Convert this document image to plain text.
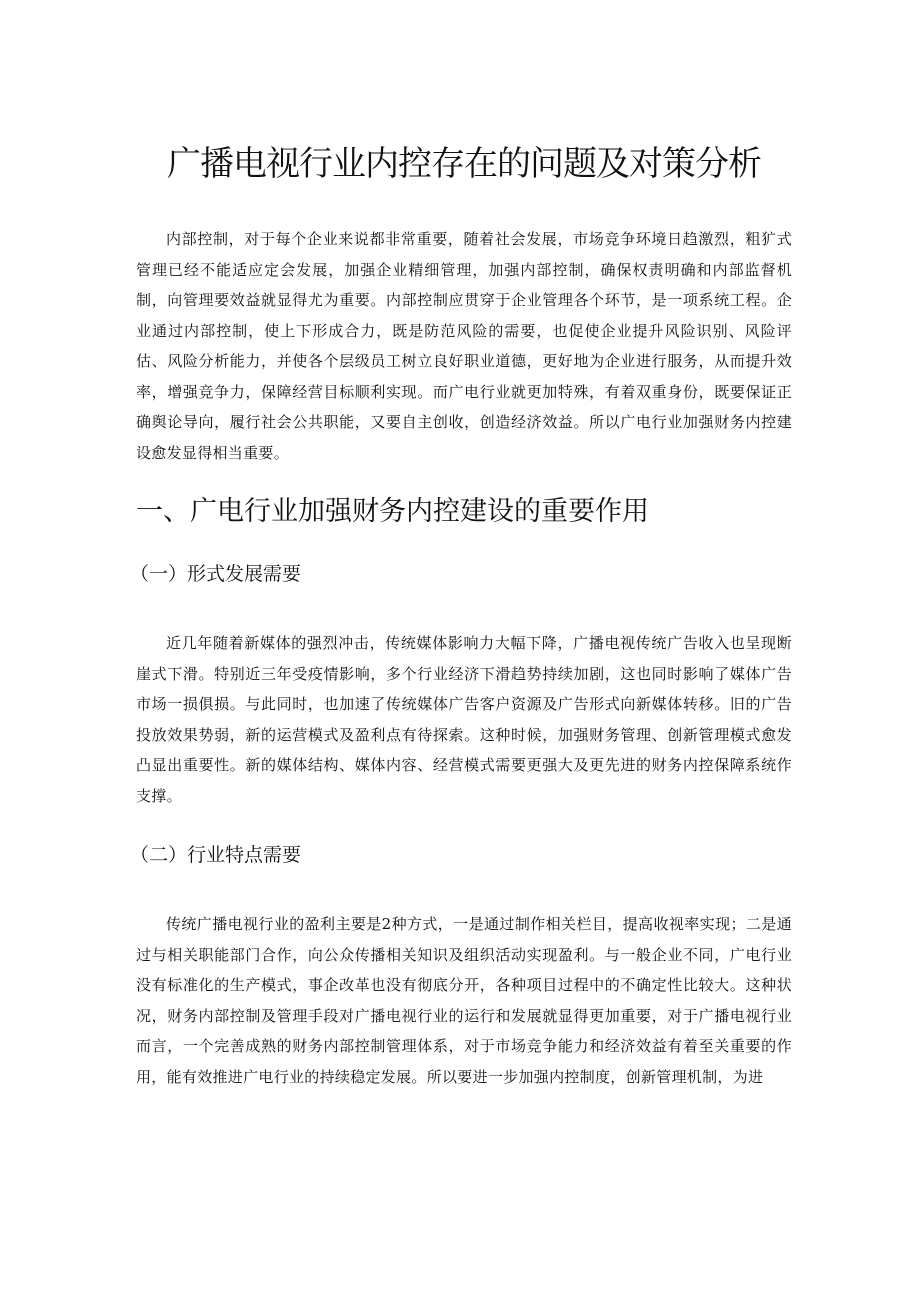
广播电视行业内控存在的问题及对策分析

内部控制，对于每个企业来说都非常重要，随着社会发展，市场竞争环境日趋激烈，粗犷式管理已经不能适应定会发展，加强企业精细管理，加强内部控制，确保权责明确和内部监督机制，向管理要效益就显得尤为重要。内部控制应贯穿于企业管理各个环节，是一项系统工程。企业通过内部控制，使上下形成合力，既是防范风险的需要，也促使企业提升风险识别、风险评估、风险分析能力，并使各个层级员工树立良好职业道德，更好地为企业进行服务，从而提升效率，增强竞争力，保障经营目标顺利实现。而广电行业就更加特殊，有着双重身份，既要保证正确舆论导向，履行社会公共职能，又要自主创收，创造经济效益。所以广电行业加强财务内控建设愈发显得相当重要。

一、广电行业加强财务内控建设的重要作用
（一）形式发展需要

近几年随着新媒体的强烈冲击，传统媒体影响力大幅下降，广播电视传统广告收入也呈现断崖式下滑。特别近三年受疫情影响，多个行业经济下滑趋势持续加剧，这也同时影响了媒体广告市场一损俱损。与此同时，也加速了传统媒体广告客户资源及广告形式向新媒体转移。旧的广告投放效果势弱，新的运营模式及盈利点有待探索。这种时候，加强财务管理、创新管理模式愈发凸显出重要性。新的媒体结构、媒体内容、经营模式需要更强大及更先进的财务内控保障系统作支撑。

（二）行业特点需要

传统广播电视行业的盈利主要是2种方式，一是通过制作相关栏目，提高收视率实现；二是通过与相关职能部门合作，向公众传播相关知识及组织活动实现盈利。与一般企业不同，广电行业没有标准化的生产模式，事企改革也没有彻底分开，各种项目过程中的不确定性比较大。这种状况，财务内部控制及管理手段对广播电视行业的运行和发展就显得更加重要，对于广播电视行业而言，一个完善成熟的财务内部控制管理体系，对于市场竞争能力和经济效益有着至关重要的作用，能有效推进广电行业的持续稳定发展。所以要进一步加强内控制度，创新管理机制，为进
